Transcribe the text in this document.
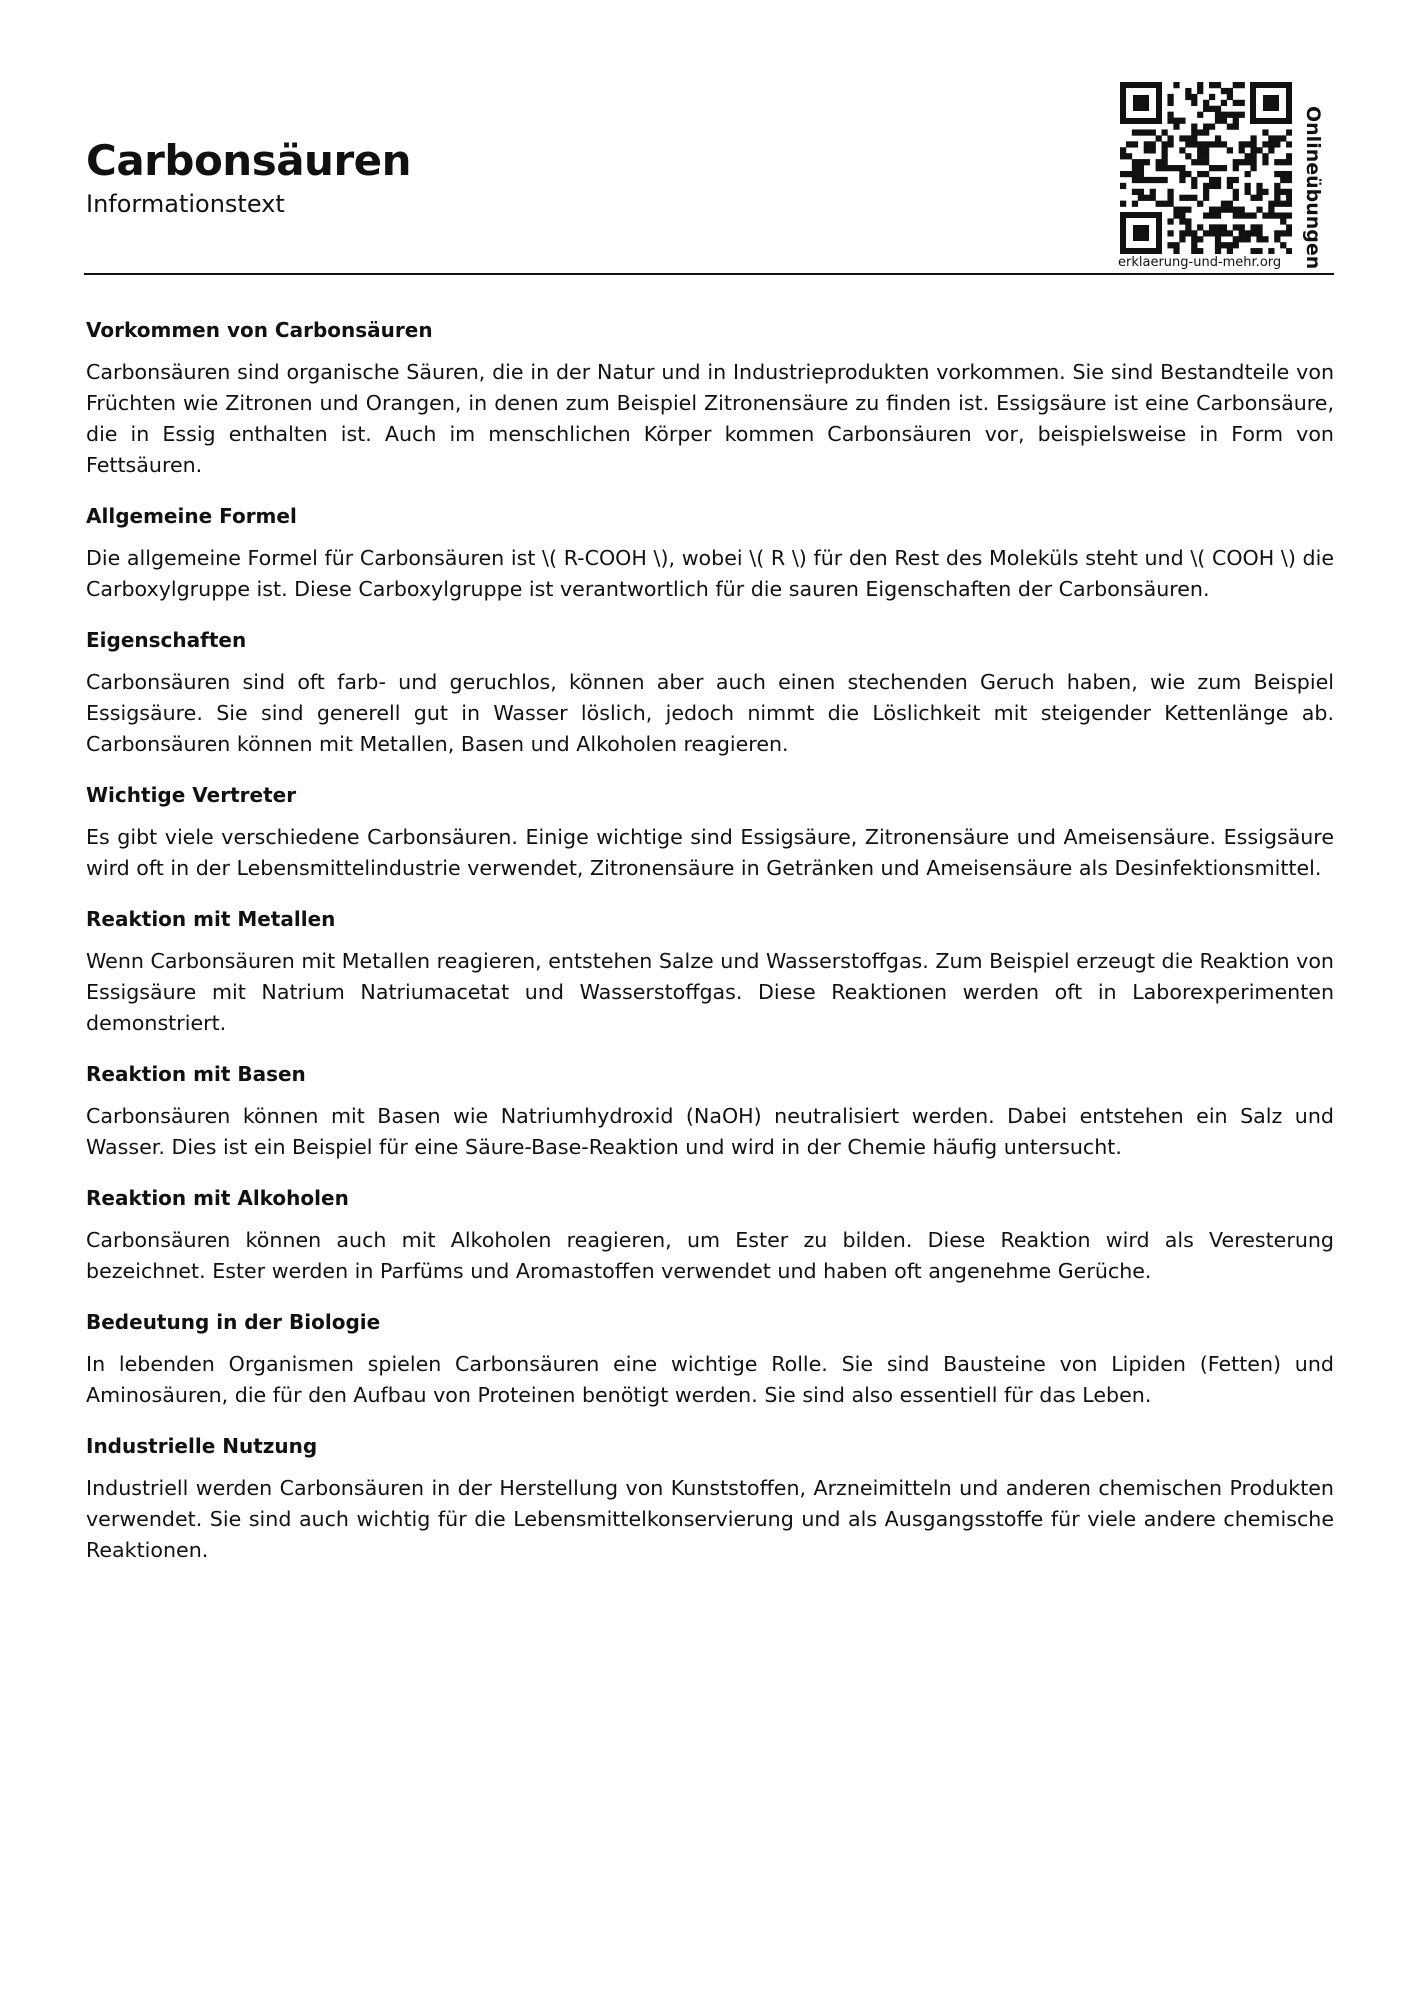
Carbonsäuren
Informationstext	Onlineübungen
erklaerung-und-mehr.org

Vorkommen von Carbonsäuren

Carbonsäuren sind organische Säuren, die in der Natur und in Industrieprodukten vorkommen. Sie sind Bestandteile von Früchten wie Zitronen und Orangen, in denen zum Beispiel Zitronensäure zu finden ist. Essigsäure ist eine Carbonsäure, die in Essig enthalten ist. Auch im menschlichen Körper kommen Carbonsäuren vor, beispielsweise in Form von Fettsäuren.

Allgemeine Formel

Die allgemeine Formel für Carbonsäuren ist \( R-COOH \), wobei \( R \) für den Rest des Moleküls steht und \( COOH \) die Carboxylgruppe ist. Diese Carboxylgruppe ist verantwortlich für die sauren Eigenschaften der Carbonsäuren.

Eigenschaften

Carbonsäuren sind oft farb- und geruchlos, können aber auch einen stechenden Geruch haben, wie zum Beispiel Essigsäure. Sie sind generell gut in Wasser löslich, jedoch nimmt die Löslichkeit mit steigender Kettenlänge ab. Carbonsäuren können mit Metallen, Basen und Alkoholen reagieren.

Wichtige Vertreter

Es gibt viele verschiedene Carbonsäuren. Einige wichtige sind Essigsäure, Zitronensäure und Ameisensäure. Essigsäure wird oft in der Lebensmittelindustrie verwendet, Zitronensäure in Getränken und Ameisensäure als Desinfektionsmittel.

Reaktion mit Metallen

Wenn Carbonsäuren mit Metallen reagieren, entstehen Salze und Wasserstoffgas. Zum Beispiel erzeugt die Reaktion von Essigsäure mit Natrium Natriumacetat und Wasserstoffgas. Diese Reaktionen werden oft in Laborexperimenten demonstriert.

Reaktion mit Basen

Carbonsäuren können mit Basen wie Natriumhydroxid (NaOH) neutralisiert werden. Dabei entstehen ein Salz und Wasser. Dies ist ein Beispiel für eine Säure-Base-Reaktion und wird in der Chemie häufig untersucht.

Reaktion mit Alkoholen

Carbonsäuren können auch mit Alkoholen reagieren, um Ester zu bilden. Diese Reaktion wird als Veresterung bezeichnet. Ester werden in Parfüms und Aromastoffen verwendet und haben oft angenehme Gerüche.

Bedeutung in der Biologie

In lebenden Organismen spielen Carbonsäuren eine wichtige Rolle. Sie sind Bausteine von Lipiden (Fetten) und Aminosäuren, die für den Aufbau von Proteinen benötigt werden. Sie sind also essentiell für das Leben.

Industrielle Nutzung

Industriell werden Carbonsäuren in der Herstellung von Kunststoffen, Arzneimitteln und anderen chemischen Produkten verwendet. Sie sind auch wichtig für die Lebensmittelkonservierung und als Ausgangsstoffe für viele andere chemische Reaktionen.
